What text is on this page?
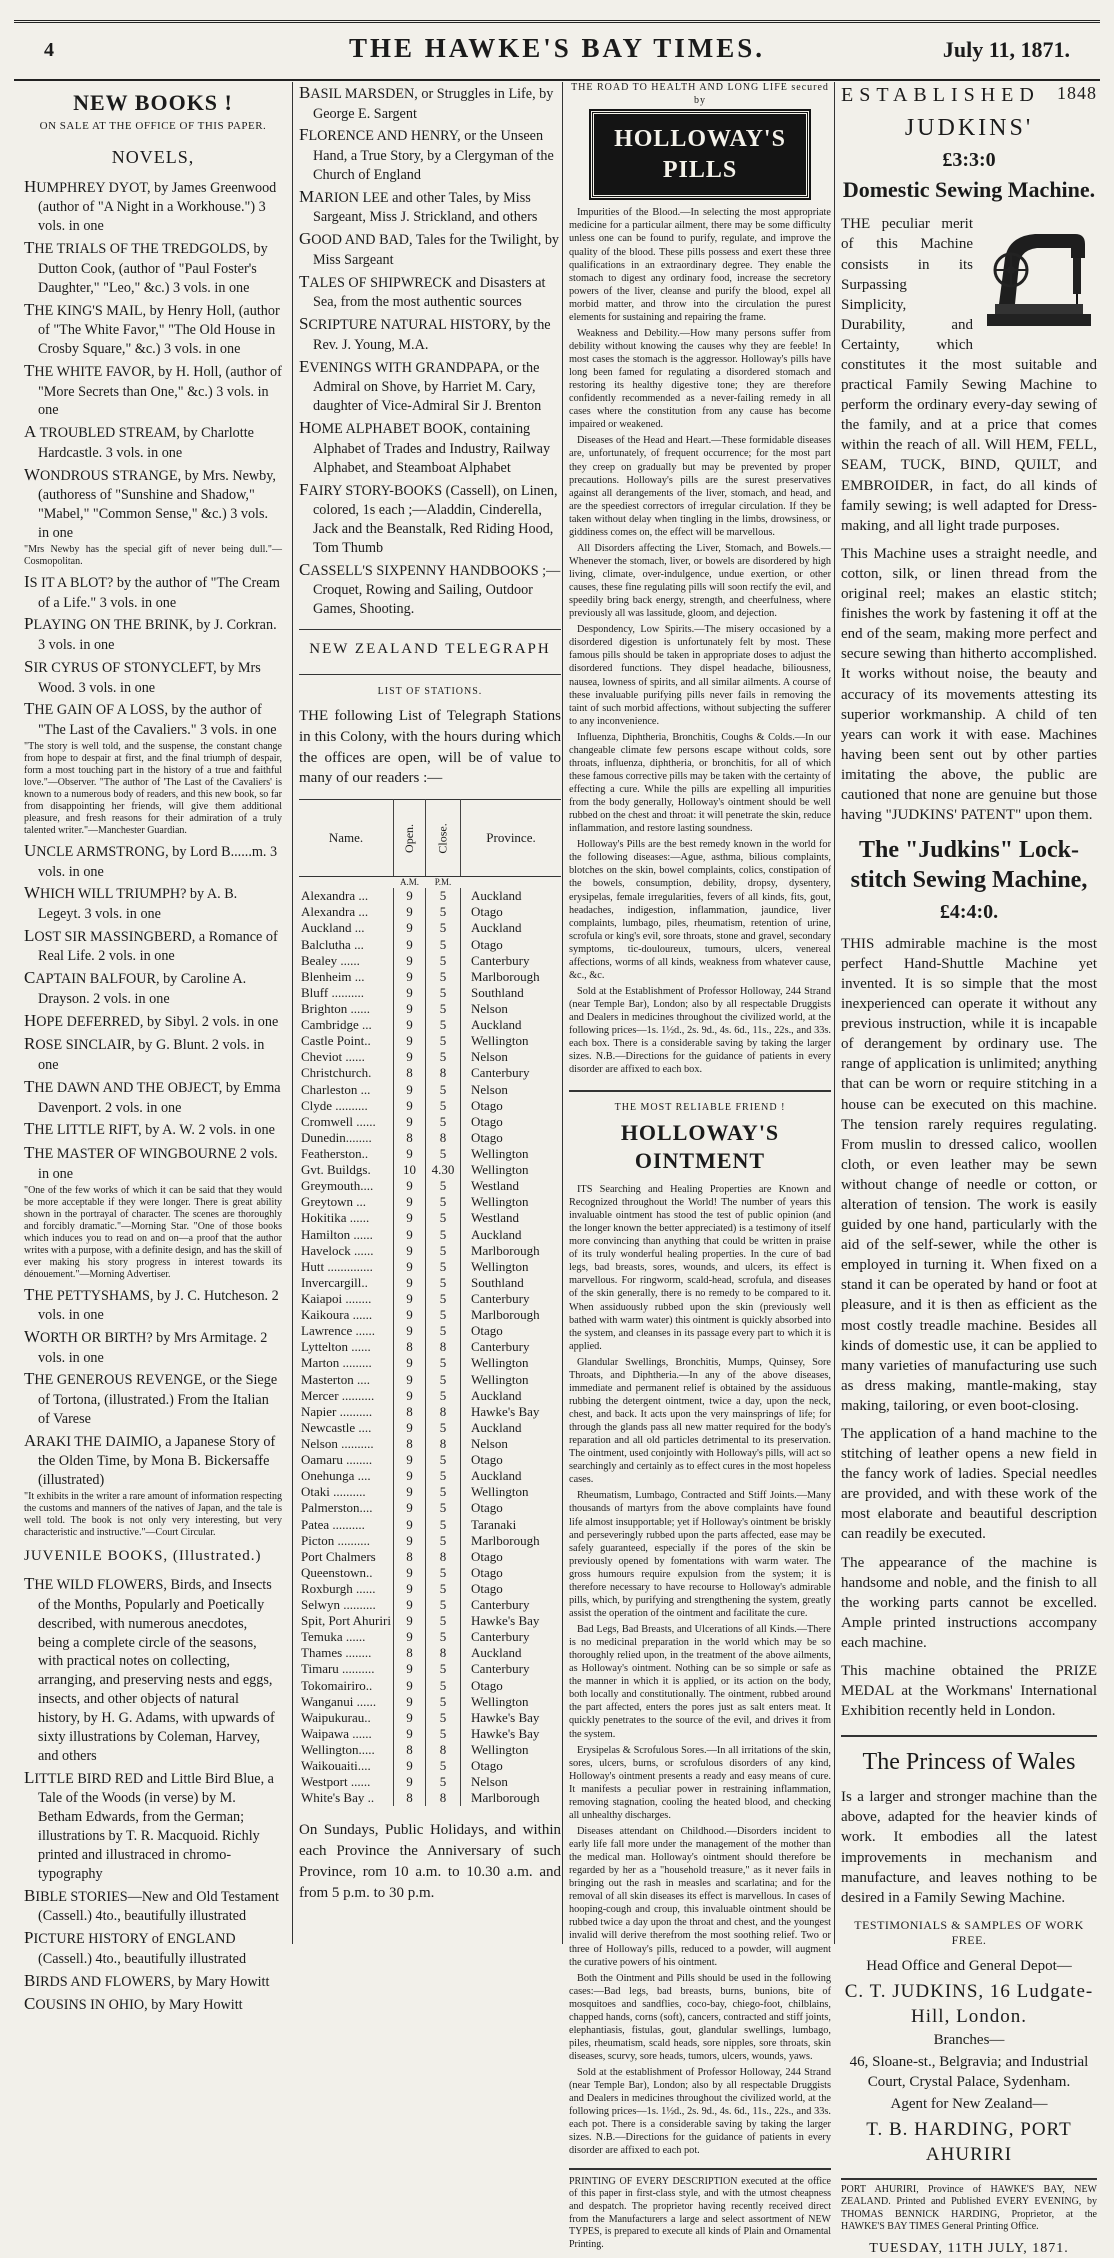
4	THE HAWKE'S BAY TIMES.	July 11, 1871.
NEW BOOKS !
ON SALE AT THE OFFICE OF THIS PAPER.
NOVELS,
HUMPHREY DYOT, by James Greenwood (author of "A Night in a Workhouse.") 3 vols. in one
THE TRIALS OF THE TREDGOLDS, by Dutton Cook, (author of "Paul Foster's Daughter," "Leo," &c.) 3 vols. in one
THE KING'S MAIL, by Henry Holl, (author of "The White Favor," "The Old House in Crosby Square," &c.) 3 vols. in one
THE WHITE FAVOR, by H. Holl, (author of "More Secrets than One," &c.) 3 vols. in one
A TROUBLED STREAM, by Charlotte Hardcastle. 3 vols. in one
WONDROUS STRANGE, by Mrs. Newby, (authoress of "Sunshine and Shadow," "Mabel," "Common Sense," &c.) 3 vols. in one
"Mrs Newby has the special gift of never being dull."—Cosmopolitan.
IS IT A BLOT? by the author of "The Cream of a Life." 3 vols. in one
PLAYING ON THE BRINK, by J. Corkran. 3 vols. in one
SIR CYRUS OF STONYCLEFT, by Mrs Wood. 3 vols. in one
THE GAIN OF A LOSS, by the author of "The Last of the Cavaliers." 3 vols. in one
"The story is well told, and the suspense, the constant change from hope to despair at first, and the final triumph of despair, form a most touching part in the history of a true and faithful love."—Observer. "The author of 'The Last of the Cavaliers' is known to a numerous body of readers, and this new book, so far from disappointing her friends, will give them additional pleasure, and fresh reasons for their admiration of a truly talented writer."—Manchester Guardian.
UNCLE ARMSTRONG, by Lord B......m. 3 vols. in one
WHICH WILL TRIUMPH? by A. B. Legeyt. 3 vols. in one
LOST SIR MASSINGBERD, a Romance of Real Life. 2 vols. in one
CAPTAIN BALFOUR, by Caroline A. Drayson. 2 vols. in one
HOPE DEFERRED, by Sibyl. 2 vols. in one
ROSE SINCLAIR, by G. Blunt. 2 vols. in one
THE DAWN AND THE OBJECT, by Emma Davenport. 2 vols. in one
THE LITTLE RIFT, by A. W. 2 vols. in one
THE MASTER OF WINGBOURNE 2 vols. in one
"One of the few works of which it can be said that they would be more acceptable if they were longer. There is great ability shown in the portrayal of character. The scenes are thoroughly and forcibly dramatic."—Morning Star. "One of those books which induces you to read on and on—a proof that the author writes with a purpose, with a definite design, and has the skill of ever making his story progress in interest towards its dénouement."—Morning Advertiser.
THE PETTYSHAMS, by J. C. Hutcheson. 2 vols. in one
WORTH OR BIRTH? by Mrs Armitage. 2 vols. in one
THE GENEROUS REVENGE, or the Siege of Tortona, (illustrated.) From the Italian of Varese
ARAKI THE DAIMIO, a Japanese Story of the Olden Time, by Mona B. Bickersaffe (illustrated)
"It exhibits in the writer a rare amount of information respecting the customs and manners of the natives of Japan, and the tale is well told. The book is not only very interesting, but very characteristic and instructive."—Court Circular.
JUVENILE BOOKS, (Illustrated.)
THE WILD FLOWERS, Birds, and Insects of the Months, Popularly and Poetically described, with numerous anecdotes, being a complete circle of the seasons, with practical notes on collecting, arranging, and preserving nests and eggs, insects, and other objects of natural history, by H. G. Adams, with upwards of sixty illustrations by Coleman, Harvey, and others
LITTLE BIRD RED and Little Bird Blue, a Tale of the Woods (in verse) by M. Betham Edwards, from the German; illustrations by T. R. Macquoid. Richly printed and illustraced in chromo-typography
BIBLE STORIES—New and Old Testament (Cassell.) 4to., beautifully illustrated
PICTURE HISTORY of ENGLAND (Cassell.) 4to., beautifully illustrated
BIRDS AND FLOWERS, by Mary Howitt
COUSINS IN OHIO, by Mary Howitt
BASIL MARSDEN, or Struggles in Life, by George E. Sargent
FLORENCE AND HENRY, or the Unseen Hand, a True Story, by a Clergyman of the Church of England
MARION LEE and other Tales, by Miss Sargeant, Miss J. Strickland, and others
GOOD AND BAD, Tales for the Twilight, by Miss Sargeant
TALES OF SHIPWRECK and Disasters at Sea, from the most authentic sources
SCRIPTURE NATURAL HISTORY, by the Rev. J. Young, M.A.
EVENINGS WITH GRANDPAPA, or the Admiral on Shove, by Harriet M. Cary, daughter of Vice-Admiral Sir J. Brenton
HOME ALPHABET BOOK, containing Alphabet of Trades and Industry, Railway Alphabet, and Steamboat Alphabet
FAIRY STORY-BOOKS (Cassell), on Linen, colored, 1s each ;—Aladdin, Cinderella, Jack and the Beanstalk, Red Riding Hood, Tom Thumb
CASSELL'S SIXPENNY HANDBOOKS ;—Croquet, Rowing and Sailing, Outdoor Games, Shooting.
NEW ZEALAND TELEGRAPH
LIST OF STATIONS.
THE following List of Telegraph Stations in this Colony, with the hours during which the offices are open, will be of value to many of our readers :—
Name.	Open.	Close.	Province.
	A.M.	P.M.	
Alexandra ...	9	5	Auckland
Alexandra ...	9	5	Otago
Auckland ...	9	5	Auckland
Balclutha ...	9	5	Otago
Bealey ......	9	5	Canterbury
Blenheim ...	9	5	Marlborough
Bluff ..........	9	5	Southland
Brighton ......	9	5	Nelson
Cambridge ...	9	5	Auckland
Castle Point..	9	5	Wellington
Cheviot ......	9	5	Nelson
Christchurch.	8	8	Canterbury
Charleston ...	9	5	Nelson
Clyde ..........	9	5	Otago
Cromwell ......	9	5	Otago
Dunedin........	8	8	Otago
Featherston..	9	5	Wellington
Gvt. Buildgs.	10	4.30	Wellington
Greymouth....	9	5	Westland
Greytown ...	9	5	Wellington
Hokitika ......	9	5	Westland
Hamilton ......	9	5	Auckland
Havelock ......	9	5	Marlborough
Hutt ..............	9	5	Wellington
Invercargill..	9	5	Southland
Kaiapoi ........	9	5	Canterbury
Kaikoura ......	9	5	Marlborough
Lawrence ......	9	5	Otago
Lyttelton ......	8	8	Canterbury
Marton .........	9	5	Wellington
Masterton ....	9	5	Wellington
Mercer ..........	9	5	Auckland
Napier ..........	8	8	Hawke's Bay
Newcastle ....	9	5	Auckland
Nelson ..........	8	8	Nelson
Oamaru ........	9	5	Otago
Onehunga ....	9	5	Auckland
Otaki ..........	9	5	Wellington
Palmerston....	9	5	Otago
Patea ..........	9	5	Taranaki
Picton ..........	9	5	Marlborough
Port Chalmers	8	8	Otago
Queenstown..	9	5	Otago
Roxburgh ......	9	5	Otago
Selwyn ..........	9	5	Canterbury
Spit, Port Ahuriri	9	5	Hawke's Bay
Temuka ......	9	5	Canterbury
Thames ........	8	8	Auckland
Timaru ..........	9	5	Canterbury
Tokomairiro..	9	5	Otago
Wanganui ......	9	5	Wellington
Waipukurau..	9	5	Hawke's Bay
Waipawa ......	9	5	Hawke's Bay
Wellington.....	8	8	Wellington
Waikouaiti....	9	5	Otago
Westport ......	9	5	Nelson
White's Bay ..	8	8	Marlborough
On Sundays, Public Holidays, and within each Province the Anniversary of such Province, rom 10 a.m. to 10.30 a.m. and from 5 p.m. to 30 p.m.
THE ROAD TO HEALTH AND LONG LIFE secured by
HOLLOWAY'S PILLS

Impurities of the Blood.—In selecting the most appropriate medicine for a particular ailment, there may be some difficulty unless one can be found to purify, regulate, and improve the quality of the blood. These pills possess and exert these three qualifications in an extraordinary degree. They enable the stomach to digest any ordinary food, increase the secretory powers of the liver, cleanse and purify the blood, expel all morbid matter, and throw into the circulation the purest elements for sustaining and repairing the frame.

Weakness and Debility.—How many persons suffer from debility without knowing the causes why they are feeble! In most cases the stomach is the aggressor. Holloway's pills have long been famed for regulating a disordered stomach and restoring its healthy digestive tone; they are therefore confidently recommended as a never-failing remedy in all cases where the constitution from any cause has become impaired or weakened.

Diseases of the Head and Heart.—These formidable diseases are, unfortunately, of frequent occurrence; for the most part they creep on gradually but may be prevented by proper precautions. Holloway's pills are the surest preservatives against all derangements of the liver, stomach, and head, and are the speediest correctors of irregular circulation. If they be taken without delay when tingling in the limbs, drowsiness, or giddiness comes on, the effect will be marvellous.

All Disorders affecting the Liver, Stomach, and Bowels.—Whenever the stomach, liver, or bowels are disordered by high living, climate, over-indulgence, undue exertion, or other causes, these fine regulating pills will soon rectify the evil, and speedily bring back energy, strength, and cheerfulness, where previously all was lassitude, gloom, and dejection.

Despondency, Low Spirits.—The misery occasioned by a disordered digestion is unfortunately felt by most. These famous pills should be taken in appropriate doses to adjust the disordered functions. They dispel headache, biliousness, nausea, lowness of spirits, and all similar ailments. A course of these invaluable purifying pills never fails in removing the taint of such morbid affections, without subjecting the sufferer to any inconvenience.

Influenza, Diphtheria, Bronchitis, Coughs & Colds.—In our changeable climate few persons escape without colds, sore throats, influenza, diphtheria, or bronchitis, for all of which these famous corrective pills may be taken with the certainty of effecting a cure. While the pills are expelling all impurities from the body generally, Holloway's ointment should be well rubbed on the chest and throat: it will penetrate the skin, reduce inflammation, and restore lasting soundness.

Holloway's Pills are the best remedy known in the world for the following diseases:—Ague, asthma, bilious complaints, blotches on the skin, bowel complaints, colics, constipation of the bowels, consumption, debility, dropsy, dysentery, erysipelas, female irregularities, fevers of all kinds, fits, gout, headaches, indigestion, inflammation, jaundice, liver complaints, lumbago, piles, rheumatism, retention of urine, scrofula or king's evil, sore throats, stone and gravel, secondary symptoms, tic-douloureux, tumours, ulcers, venereal affections, worms of all kinds, weakness from whatever cause, &c., &c.

Sold at the Establishment of Professor Holloway, 244 Strand (near Temple Bar), London; also by all respectable Druggists and Dealers in medicines throughout the civilized world, at the following prices—1s. 1½d., 2s. 9d., 4s. 6d., 11s., 22s., and 33s. each box. There is a considerable saving by taking the larger sizes. N.B.—Directions for the guidance of patients in every disorder are affixed to each box.

THE MOST RELIABLE FRIEND !
HOLLOWAY'S OINTMENT

ITS Searching and Healing Properties are Known and Recognized throughout the World! The number of years this invaluable ointment has stood the test of public opinion (and the longer known the better appreciated) is a testimony of itself more convincing than anything that could be written in praise of its truly wonderful healing properties. In the cure of bad legs, bad breasts, sores, wounds, and ulcers, its effect is marvellous. For ringworm, scald-head, scrofula, and diseases of the skin generally, there is no remedy to be compared to it. When assiduously rubbed upon the skin (previously well bathed with warm water) this ointment is quickly absorbed into the system, and cleanses in its passage every part to which it is applied.

Glandular Swellings, Bronchitis, Mumps, Quinsey, Sore Throats, and Diphtheria.—In any of the above diseases, immediate and permanent relief is obtained by the assiduous rubbing the detergent ointment, twice a day, upon the neck, chest, and back. It acts upon the very mainsprings of life; for through the glands pass all new matter required for the body's reparation and all old particles detrimental to its preservation. The ointment, used conjointly with Holloway's pills, will act so searchingly and certainly as to effect cures in the most hopeless cases.

Rheumatism, Lumbago, Contracted and Stiff Joints.—Many thousands of martyrs from the above complaints have found life almost insupportable; yet if Holloway's ointment be briskly and perseveringly rubbed upon the parts affected, ease may be safely guaranteed, especially if the pores of the skin be previously opened by fomentations with warm water. The gross humours require expulsion from the system; it is therefore necessary to have recourse to Holloway's admirable pills, which, by purifying and strengthening the system, greatly assist the operation of the ointment and facilitate the cure.

Bad Legs, Bad Breasts, and Ulcerations of all Kinds.—There is no medicinal preparation in the world which may be so thoroughly relied upon, in the treatment of the above ailments, as Holloway's ointment. Nothing can be so simple or safe as the manner in which it is applied, or its action on the body, both locally and constitutionally. The ointment, rubbed around the part affected, enters the pores just as salt enters meat. It quickly penetrates to the source of the evil, and drives it from the system.

Erysipelas & Scrofulous Sores.—In all irritations of the skin, sores, ulcers, burns, or scrofulous disorders of any kind, Holloway's ointment presents a ready and easy means of cure. It manifests a peculiar power in restraining inflammation, removing stagnation, cooling the heated blood, and checking all unhealthy discharges.

Diseases attendant on Childhood.—Disorders incident to early life fall more under the management of the mother than the medical man. Holloway's ointment should therefore be regarded by her as a "household treasure," as it never fails in bringing out the rash in measles and scarlatina; and for the removal of all skin diseases its effect is marvellous. In cases of hooping-cough and croup, this invaluable ointment should be rubbed twice a day upon the throat and chest, and the youngest invalid will derive therefrom the most soothing relief. Two or three of Holloway's pills, reduced to a powder, will augment the curative powers of his ointment.

Both the Ointment and Pills should be used in the following cases:—Bad legs, bad breasts, burns, bunions, bite of mosquitoes and sandflies, coco-bay, chiego-foot, chilblains, chapped hands, corns (soft), cancers, contracted and stiff joints, elephantiasis, fistulas, gout, glandular swellings, lumbago, piles, rheumatism, scald heads, sore nipples, sore throats, skin diseases, scurvy, sore heads, tumors, ulcers, wounds, yaws.

Sold at the establishment of Professor Holloway, 244 Strand (near Temple Bar), London; also by all respectable Druggists and Dealers in medicines throughout the civilized world, at the following prices—1s. 1½d., 2s. 9d., 4s. 6d., 11s., 22s., and 33s. each pot. There is a considerable saving by taking the larger sizes. N.B.—Directions for the guidance of patients in every disorder are affixed to each pot.

PRINTING OF EVERY DESCRIPTION executed at the office of this paper in first-class style, and with the utmost cheapness and despatch. The proprietor having recently received direct from the Manufacturers a large and select assortment of NEW TYPES, is prepared to execute all kinds of Plain and Ornamental Printing.
ESTABLISHED 1848
JUDKINS'
£3:3:0
Domestic Sewing Machine.

THE peculiar merit of this Machine consists in its Surpassing Simplicity, Durability, and Certainty, which constitutes it the most suitable and practical Family Sewing Machine to perform the ordinary every-day sewing of the family, and at a price that comes within the reach of all. Will HEM, FELL, SEAM, TUCK, BIND, QUILT, and EMBROIDER, in fact, do all kinds of family sewing; is well adapted for Dress-making, and all light trade purposes.

This Machine uses a straight needle, and cotton, silk, or linen thread from the original reel; makes an elastic stitch; finishes the work by fastening it off at the end of the seam, making more perfect and secure sewing than hitherto accomplished. It works without noise, the beauty and accuracy of its movements attesting its superior workmanship. A child of ten years can work it with ease. Machines having been sent out by other parties imitating the above, the public are cautioned that none are genuine but those having "JUDKINS' PATENT" upon them.

The "Judkins" Lock-stitch Sewing Machine,
£4:4:0.

THIS admirable machine is the most perfect Hand-Shuttle Machine yet invented. It is so simple that the most inexperienced can operate it without any previous instruction, while it is incapable of derangement by ordinary use. The range of application is unlimited; anything that can be worn or require stitching in a house can be executed on this machine. The tension rarely requires regulating. From muslin to dressed calico, woollen cloth, or even leather may be sewn without change of needle or cotton, or alteration of tension. The work is easily guided by one hand, particularly with the aid of the self-sewer, while the other is employed in turning it. When fixed on a stand it can be operated by hand or foot at pleasure, and it is then as efficient as the most costly treadle machine. Besides all kinds of domestic use, it can be applied to many varieties of manufacturing use such as dress making, mantle-making, stay making, tailoring, or even boot-closing.

The application of a hand machine to the stitching of leather opens a new field in the fancy work of ladies. Special needles are provided, and with these work of the most elaborate and beautiful description can readily be executed.

The appearance of the machine is handsome and noble, and the finish to all the working parts cannot be excelled. Ample printed instructions accompany each machine.

This machine obtained the PRIZE MEDAL at the Workmans' International Exhibition recently held in London.

The Princess of Wales

Is a larger and stronger machine than the above, adapted for the heavier kinds of work. It embodies all the latest improvements in mechanism and manufacture, and leaves nothing to be desired in a Family Sewing Machine.

TESTIMONIALS & SAMPLES OF WORK FREE.
Head Office and General Depot—
C. T. JUDKINS, 16 Ludgate-Hill, London.
Branches—
46, Sloane-st., Belgravia; and Industrial Court, Crystal Palace, Sydenham.
Agent for New Zealand—
T. B. HARDING, PORT AHURIRI
PORT AHURIRI, Province of HAWKE'S BAY, NEW ZEALAND. Printed and Published EVERY EVENING, by THOMAS BENNICK HARDING, Proprietor, at the HAWKE'S BAY TIMES General Printing Office.
TUESDAY, 11TH JULY, 1871.
